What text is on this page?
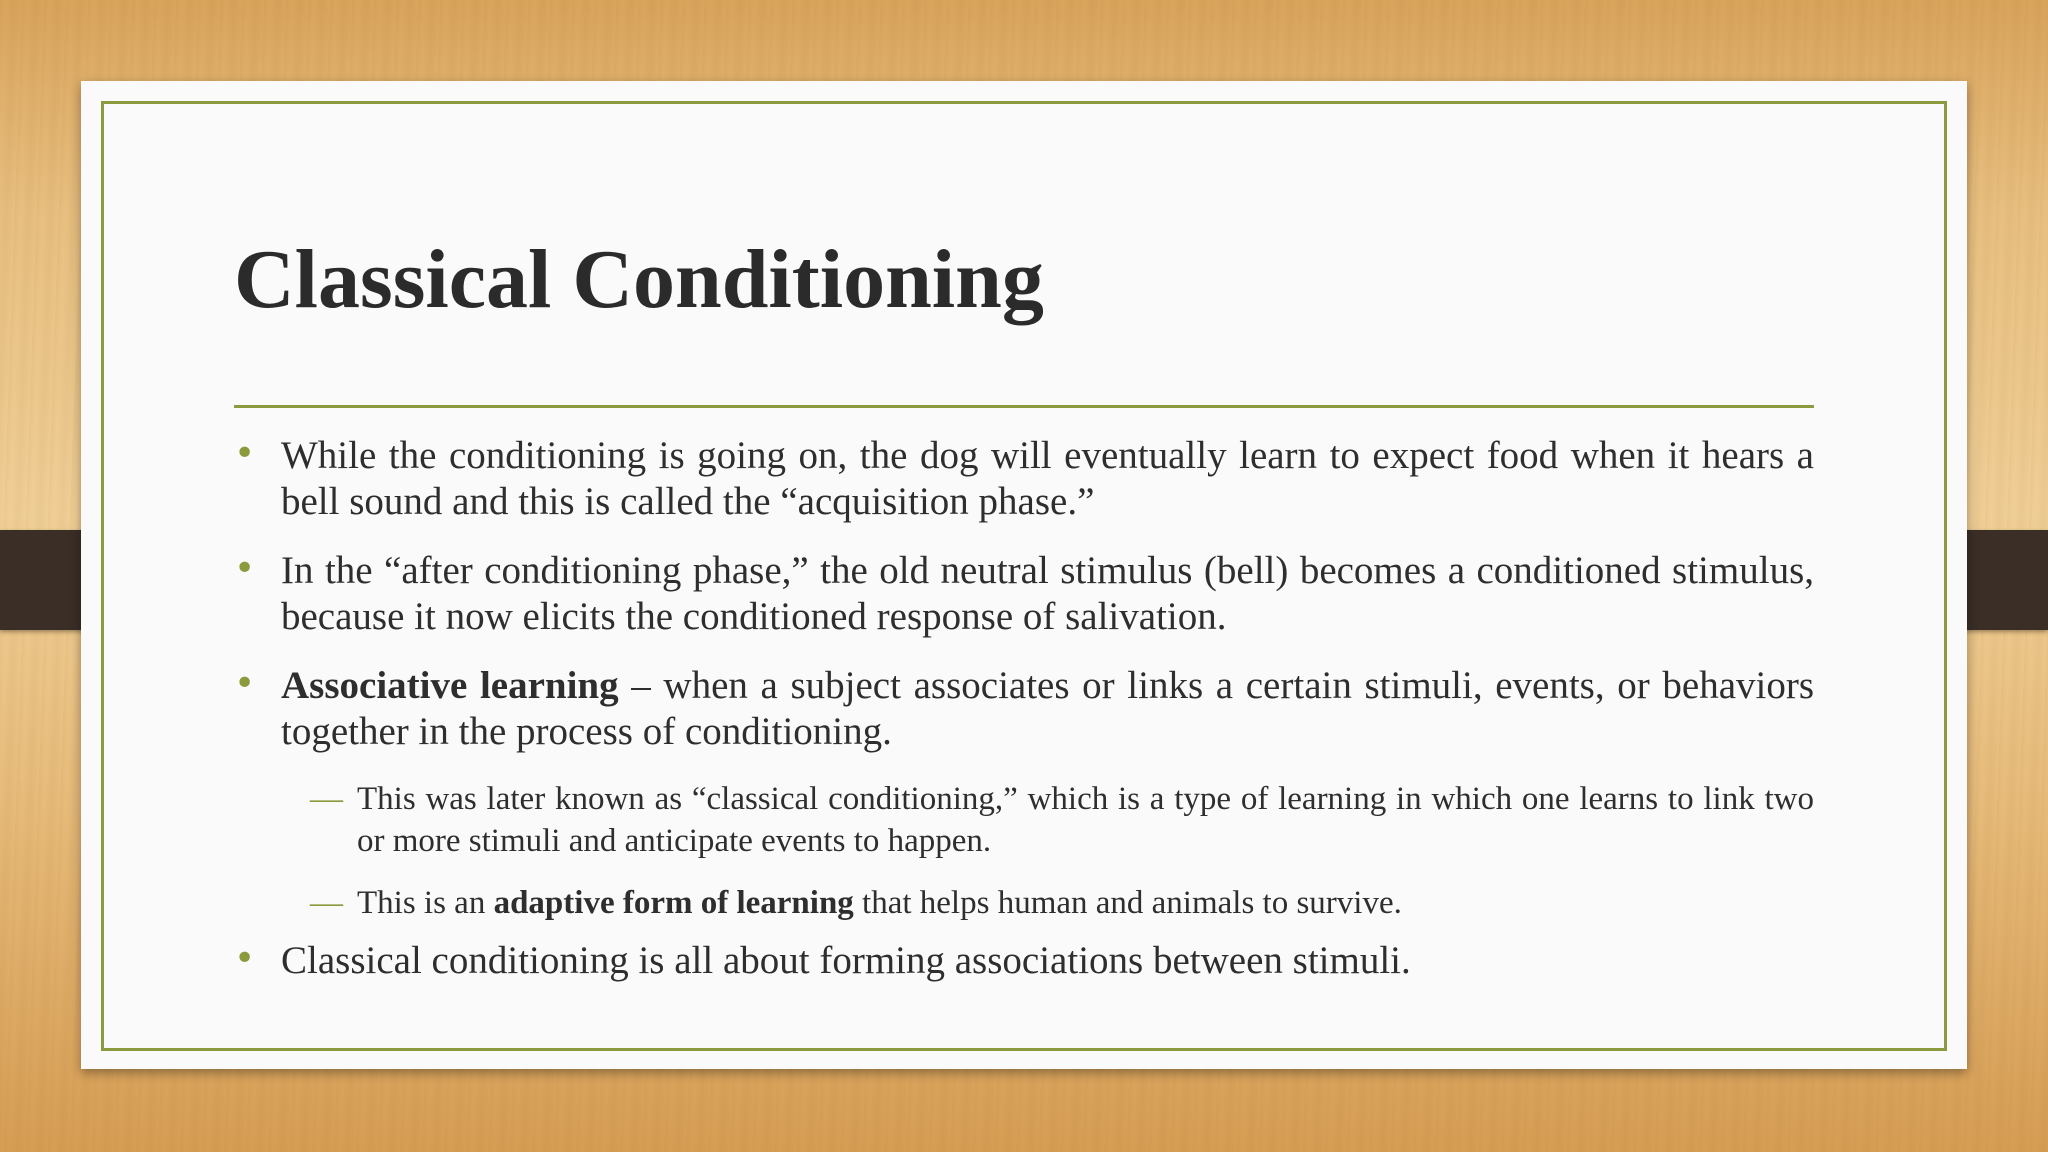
Classical Conditioning
• While the conditioning is going on, the dog will eventually learn to expect food when it hears a bell sound and this is called the “acquisition phase.”
• In the “after conditioning phase,” the old neutral stimulus (bell) becomes a conditioned stimulus, because it now elicits the conditioned response of salivation.
• Associative learning – when a subject associates or links a certain stimuli, events, or behaviors together in the process of conditioning.
— This was later known as “classical conditioning,” which is a type of learning in which one learns to link two or more stimuli and anticipate events to happen.
— This is an adaptive form of learning that helps human and animals to survive.
• Classical conditioning is all about forming associations between stimuli.
